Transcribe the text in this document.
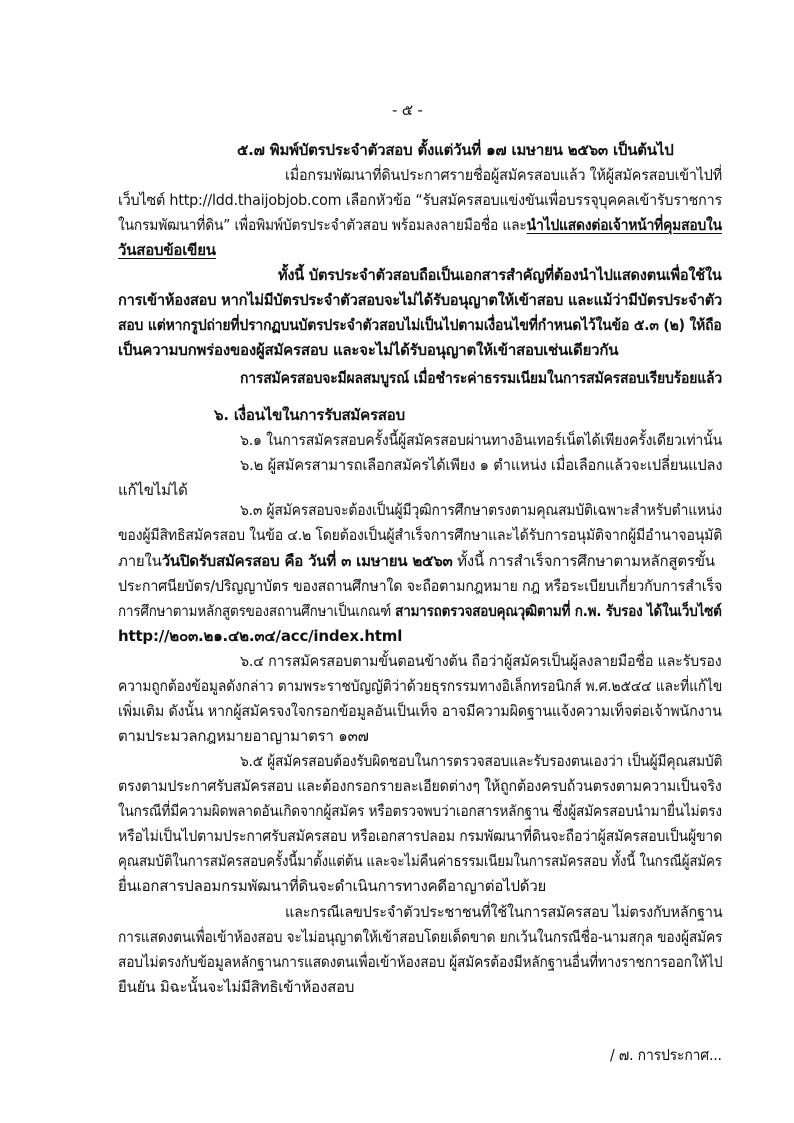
- ๕ -
๕.๗ พิมพ์บัตรประจำตัวสอบ ตั้งแต่วันที่ ๑๗ เมษายน ๒๕๖๓ เป็นต้นไป
เมื่อกรมพัฒนาที่ดินประกาศรายชื่อผู้สมัครสอบแล้ว ให้ผู้สมัครสอบเข้าไปที่
เว็บไซต์ http://ldd.thaijobjob.com เลือกหัวข้อ “รับสมัครสอบแข่งขันเพื่อบรรจุบุคคลเข้ารับราชการ
ในกรมพัฒนาที่ดิน” เพื่อพิมพ์บัตรประจำตัวสอบ พร้อมลงลายมือชื่อ และนำไปแสดงต่อเจ้าหน้าที่คุมสอบใน
วันสอบข้อเขียน
ทั้งนี้ บัตรประจำตัวสอบถือเป็นเอกสารสำคัญที่ต้องนำไปแสดงตนเพื่อใช้ใน
การเข้าห้องสอบ หากไม่มีบัตรประจำตัวสอบจะไม่ได้รับอนุญาตให้เข้าสอบ และแม้ว่ามีบัตรประจำตัว
สอบ แต่หากรูปถ่ายที่ปรากฏบนบัตรประจำตัวสอบไม่เป็นไปตามเงื่อนไขที่กำหนดไว้ในข้อ ๕.๓ (๒) ให้ถือ
เป็นความบกพร่องของผู้สมัครสอบ และจะไม่ได้รับอนุญาตให้เข้าสอบเช่นเดียวกัน
การสมัครสอบจะมีผลสมบูรณ์ เมื่อชำระค่าธรรมเนียมในการสมัครสอบเรียบร้อยแล้ว
๖. เงื่อนไขในการรับสมัครสอบ
๖.๑ ในการสมัครสอบครั้งนี้ผู้สมัครสอบผ่านทางอินเทอร์เน็ตได้เพียงครั้งเดียวเท่านั้น
๖.๒ ผู้สมัครสามารถเลือกสมัครได้เพียง ๑ ตำแหน่ง เมื่อเลือกแล้วจะเปลี่ยนแปลง
แก้ไขไม่ได้
๖.๓ ผู้สมัครสอบจะต้องเป็นผู้มีวุฒิการศึกษาตรงตามคุณสมบัติเฉพาะสำหรับตำแหน่ง
ของผู้มีสิทธิสมัครสอบ ในข้อ ๔.๒ โดยต้องเป็นผู้สำเร็จการศึกษาและได้รับการอนุมัติจากผู้มีอำนาจอนุมัติ
ภายในวันปิดรับสมัครสอบ คือ วันที่ ๓ เมษายน ๒๕๖๓ ทั้งนี้ การสำเร็จการศึกษาตามหลักสูตรขั้น
ประกาศนียบัตร/ปริญญาบัตร ของสถานศึกษาใด จะถือตามกฎหมาย กฎ หรือระเบียบเกี่ยวกับการสำเร็จ
การศึกษาตามหลักสูตรของสถานศึกษาเป็นเกณฑ์ สามารถตรวจสอบคุณวุฒิตามที่ ก.พ. รับรอง ได้ในเว็บไซต์
http://๒๐๓.๒๑.๔๒.๓๔/acc/index.html
๖.๔ การสมัครสอบตามขั้นตอนข้างต้น ถือว่าผู้สมัครเป็นผู้ลงลายมือชื่อ และรับรอง
ความถูกต้องข้อมูลดังกล่าว ตามพระราชบัญญัติว่าด้วยธุรกรรมทางอิเล็กทรอนิกส์ พ.ศ.๒๕๔๔ และที่แก้ไข
เพิ่มเติม ดังนั้น หากผู้สมัครจงใจกรอกข้อมูลอันเป็นเท็จ อาจมีความผิดฐานแจ้งความเท็จต่อเจ้าพนักงาน
ตามประมวลกฎหมายอาญามาตรา ๑๓๗
๖.๕ ผู้สมัครสอบต้องรับผิดชอบในการตรวจสอบและรับรองตนเองว่า เป็นผู้มีคุณสมบัติ
ตรงตามประกาศรับสมัครสอบ และต้องกรอกรายละเอียดต่างๆ ให้ถูกต้องครบถ้วนตรงตามความเป็นจริง
ในกรณีที่มีความผิดพลาดอันเกิดจากผู้สมัคร หรือตรวจพบว่าเอกสารหลักฐาน ซึ่งผู้สมัครสอบนำมายื่นไม่ตรง
หรือไม่เป็นไปตามประกาศรับสมัครสอบ หรือเอกสารปลอม กรมพัฒนาที่ดินจะถือว่าผู้สมัครสอบเป็นผู้ขาด
คุณสมบัติในการสมัครสอบครั้งนี้มาตั้งแต่ต้น และจะไม่คืนค่าธรรมเนียมในการสมัครสอบ ทั้งนี้ ในกรณีผู้สมัคร
ยื่นเอกสารปลอมกรมพัฒนาที่ดินจะดำเนินการทางคดีอาญาต่อไปด้วย
และกรณีเลขประจำตัวประชาชนที่ใช้ในการสมัครสอบ ไม่ตรงกับหลักฐาน
การแสดงตนเพื่อเข้าห้องสอบ จะไม่อนุญาตให้เข้าสอบโดยเด็ดขาด ยกเว้นในกรณีชื่อ-นามสกุล ของผู้สมัคร
สอบไม่ตรงกับข้อมูลหลักฐานการแสดงตนเพื่อเข้าห้องสอบ ผู้สมัครต้องมีหลักฐานอื่นที่ทางราชการออกให้ไป
ยืนยัน มิฉะนั้นจะไม่มีสิทธิเข้าห้องสอบ
/ ๗. การประกาศ...
